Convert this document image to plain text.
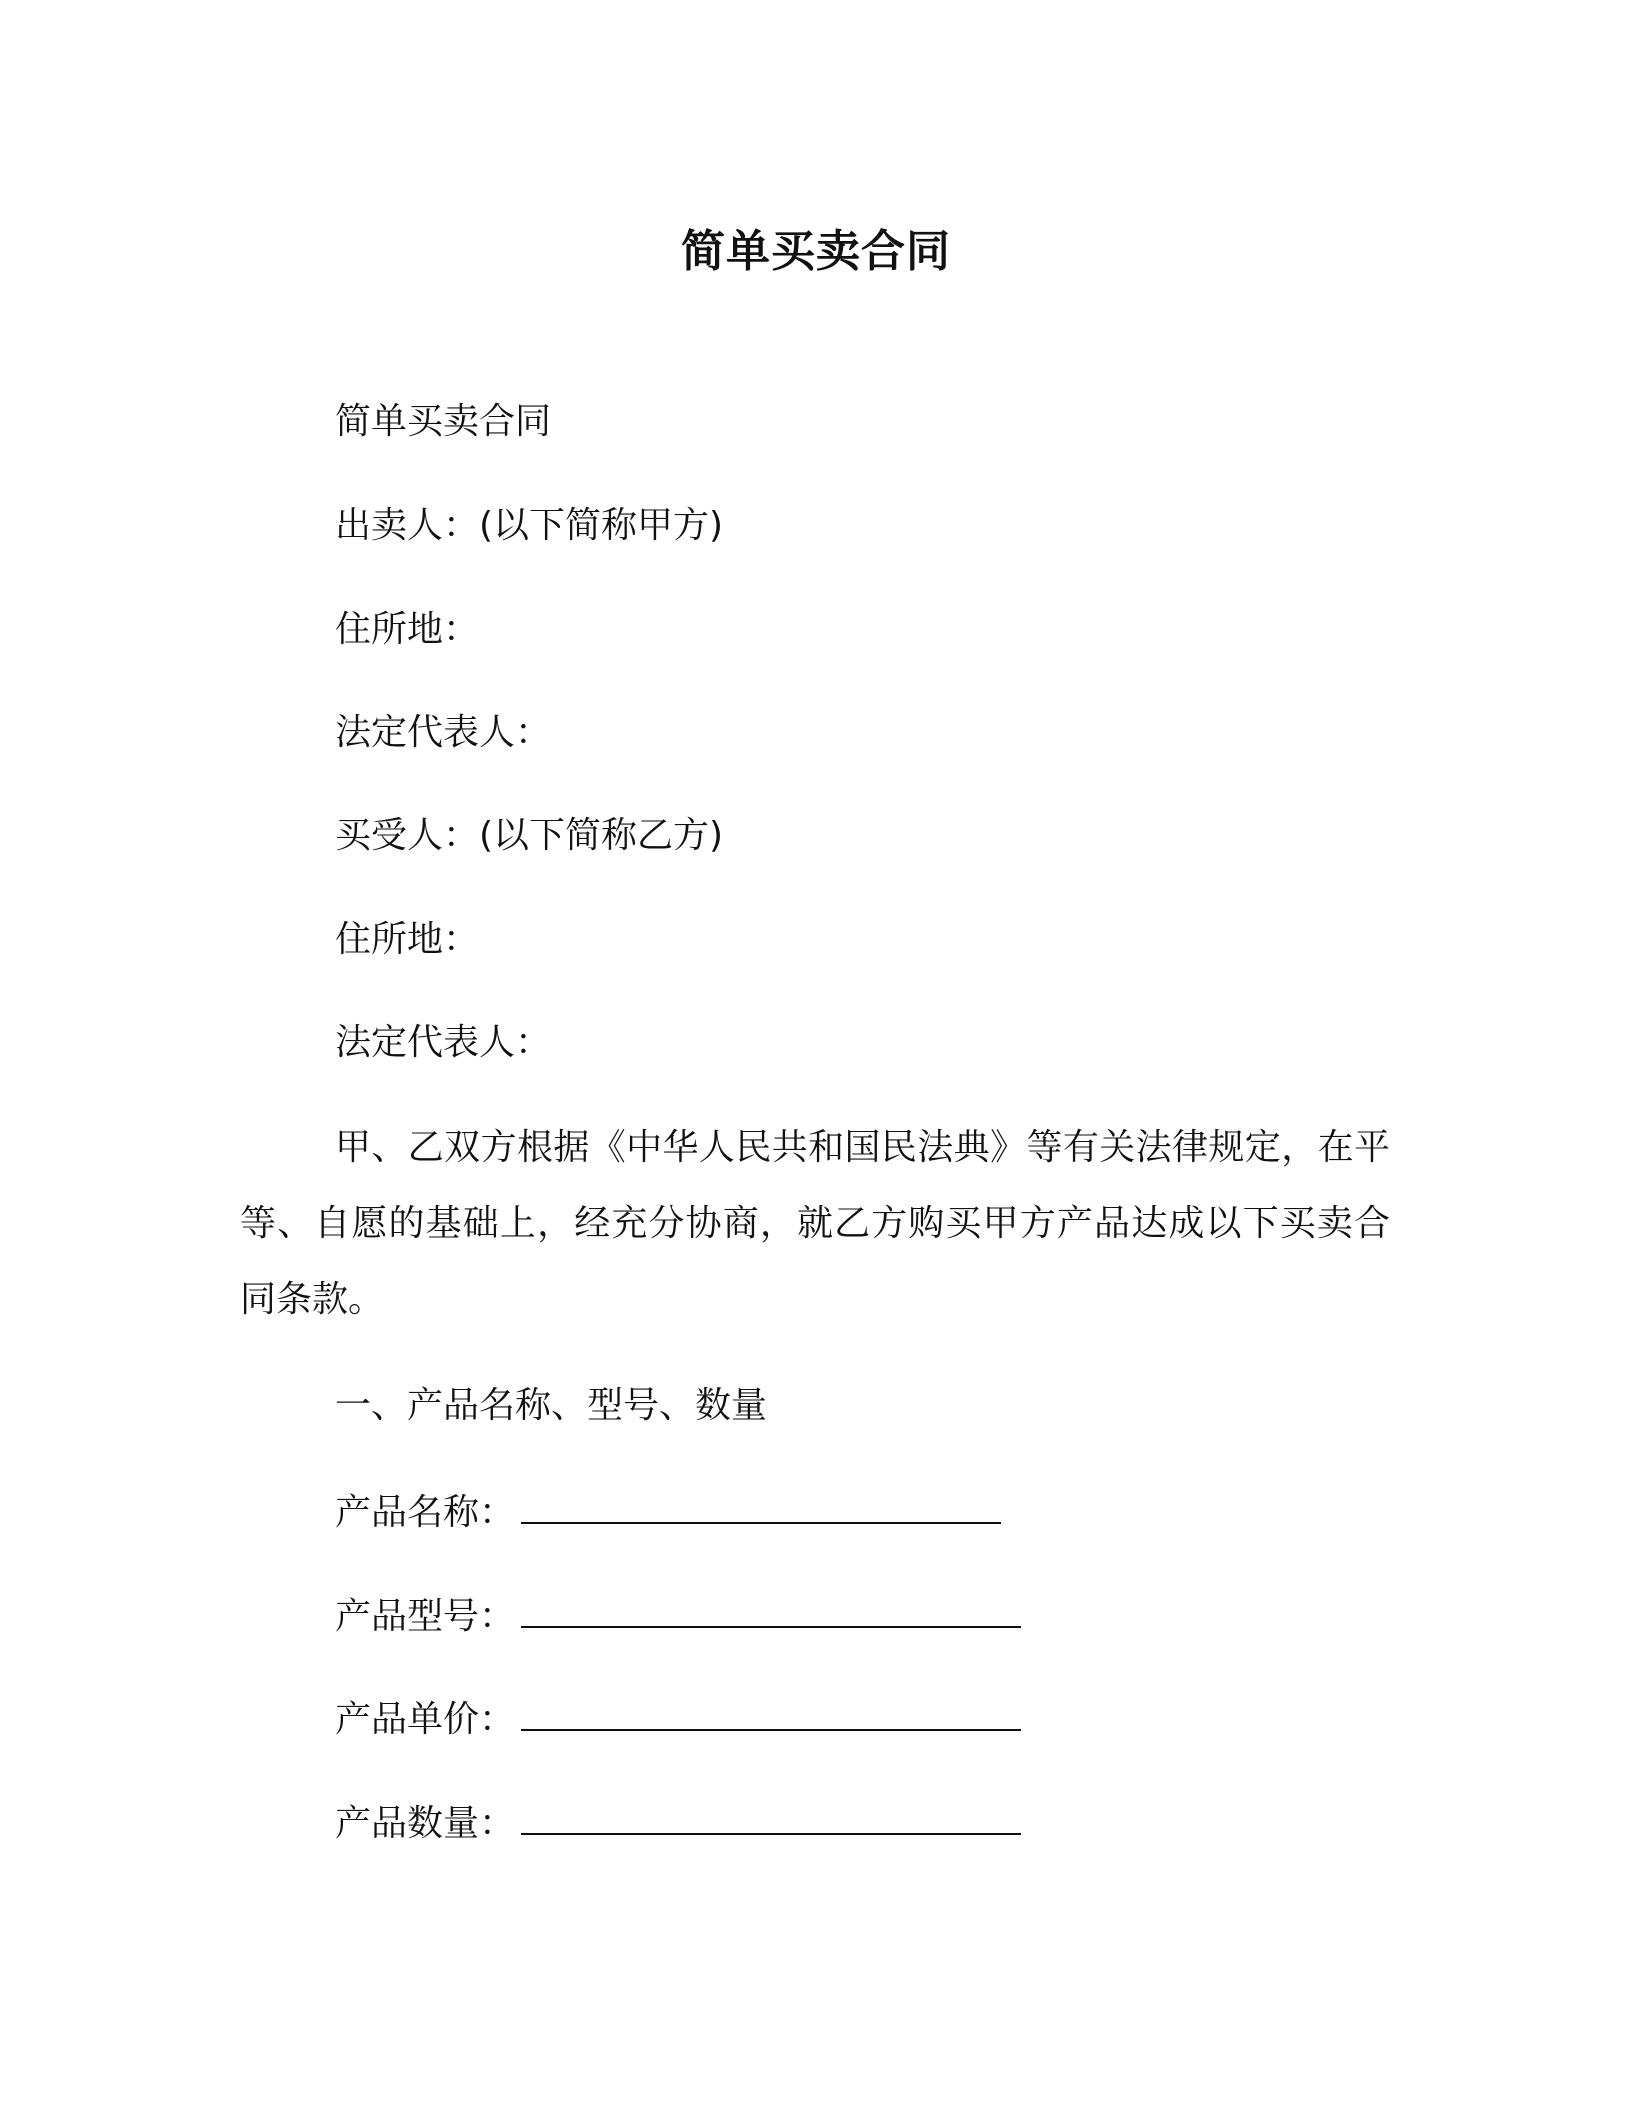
简单买卖合同
简单买卖合同
出卖人：(以下简称甲方)
住所地：
法定代表人：
买受人：(以下简称乙方)
住所地：
法定代表人：
甲、乙双方根据《中华人民共和国民法典》等有关法律规定，在平等、自愿的基础上，经充分协商，就乙方购买甲方产品达成以下买卖合同条款。
一、产品名称、型号、数量
产品名称：
产品型号：
产品单价：
产品数量：
